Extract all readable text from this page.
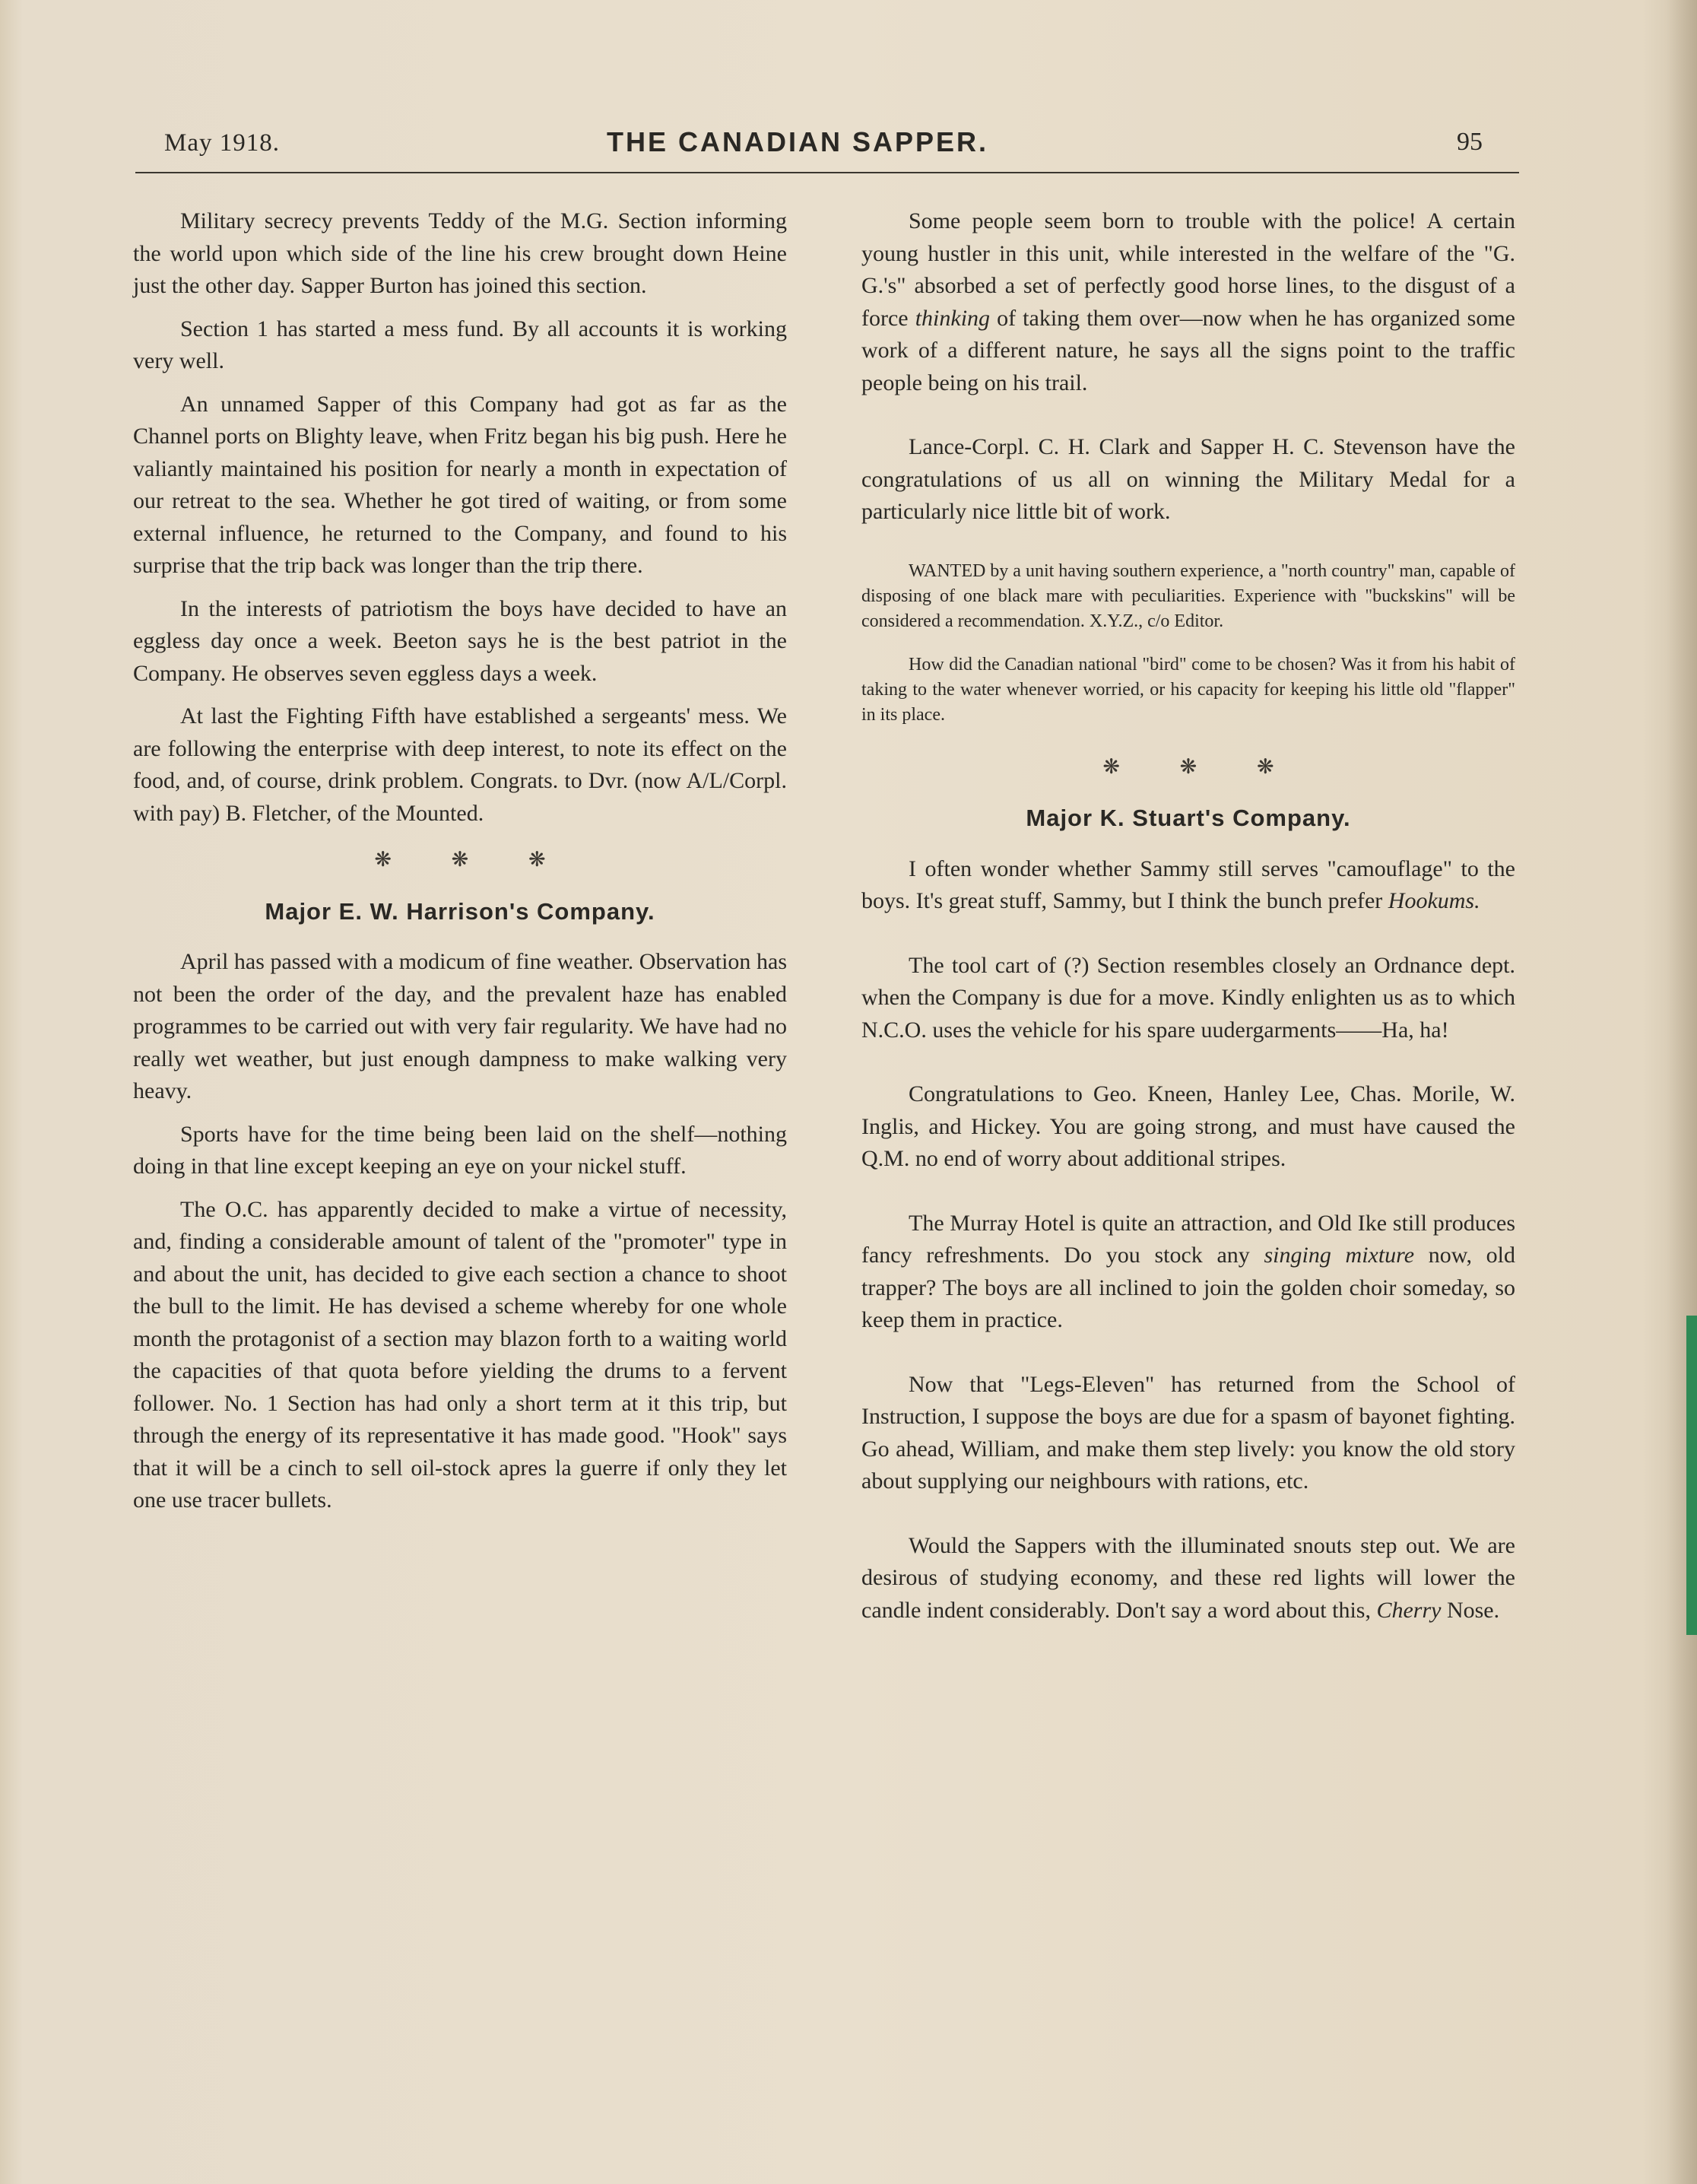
May 1918.	THE CANADIAN SAPPER.	95

Military secrecy prevents Teddy of the M.G. Section informing the world upon which side of the line his crew brought down Heine just the other day. Sapper Burton has joined this section.

Section 1 has started a mess fund. By all accounts it is working very well.

An unnamed Sapper of this Company had got as far as the Channel ports on Blighty leave, when Fritz began his big push. Here he valiantly maintained his position for nearly a month in expectation of our retreat to the sea. Whether he got tired of waiting, or from some external influence, he returned to the Company, and found to his surprise that the trip back was longer than the trip there.

In the interests of patriotism the boys have decided to have an eggless day once a week. Beeton says he is the best patriot in the Company. He observes seven eggless days a week.

At last the Fighting Fifth have established a sergeants' mess. We are following the enterprise with deep interest, to note its effect on the food, and, of course, drink problem. Congrats. to Dvr. (now A/L/Corpl. with pay) B. Fletcher, of the Mounted.

❋ ❋ ❋
Major E. W. Harrison's Company.

April has passed with a modicum of fine weather. Observation has not been the order of the day, and the prevalent haze has enabled programmes to be carried out with very fair regularity. We have had no really wet weather, but just enough dampness to make walking very heavy.

Sports have for the time being been laid on the shelf—nothing doing in that line except keeping an eye on your nickel stuff.

The O.C. has apparently decided to make a virtue of necessity, and, finding a considerable amount of talent of the "promoter" type in and about the unit, has decided to give each section a chance to shoot the bull to the limit. He has devised a scheme whereby for one whole month the protagonist of a section may blazon forth to a waiting world the capacities of that quota before yielding the drums to a fervent follower. No. 1 Section has had only a short term at it this trip, but through the energy of its representative it has made good. "Hook" says that it will be a cinch to sell oil-stock apres la guerre if only they let one use tracer bullets.

Some people seem born to trouble with the police! A certain young hustler in this unit, while interested in the welfare of the "G. G.'s" absorbed a set of perfectly good horse lines, to the disgust of a force thinking of taking them over—now when he has organized some work of a different nature, he says all the signs point to the traffic people being on his trail.

Lance-Corpl. C. H. Clark and Sapper H. C. Stevenson have the congratulations of us all on winning the Military Medal for a particularly nice little bit of work.

WANTED by a unit having southern experience, a "north country" man, capable of disposing of one black mare with peculiarities. Experience with "buckskins" will be considered a recommendation. X.Y.Z., c/o Editor.

How did the Canadian national "bird" come to be chosen? Was it from his habit of taking to the water whenever worried, or his capacity for keeping his little old "flapper" in its place.

❋ ❋ ❋
Major K. Stuart's Company.

I often wonder whether Sammy still serves "camouflage" to the boys. It's great stuff, Sammy, but I think the bunch prefer Hookums.

The tool cart of (?) Section resembles closely an Ordnance dept. when the Company is due for a move. Kindly enlighten us as to which N.C.O. uses the vehicle for his spare uudergarments——Ha, ha!

Congratulations to Geo. Kneen, Hanley Lee, Chas. Morile, W. Inglis, and Hickey. You are going strong, and must have caused the Q.M. no end of worry about additional stripes.

The Murray Hotel is quite an attraction, and Old Ike still produces fancy refreshments. Do you stock any singing mixture now, old trapper? The boys are all inclined to join the golden choir someday, so keep them in practice.

Now that "Legs-Eleven" has returned from the School of Instruction, I suppose the boys are due for a spasm of bayonet fighting. Go ahead, William, and make them step lively: you know the old story about supplying our neighbours with rations, etc.

Would the Sappers with the illuminated snouts step out. We are desirous of studying economy, and these red lights will lower the candle indent considerably. Don't say a word about this, Cherry Nose.
